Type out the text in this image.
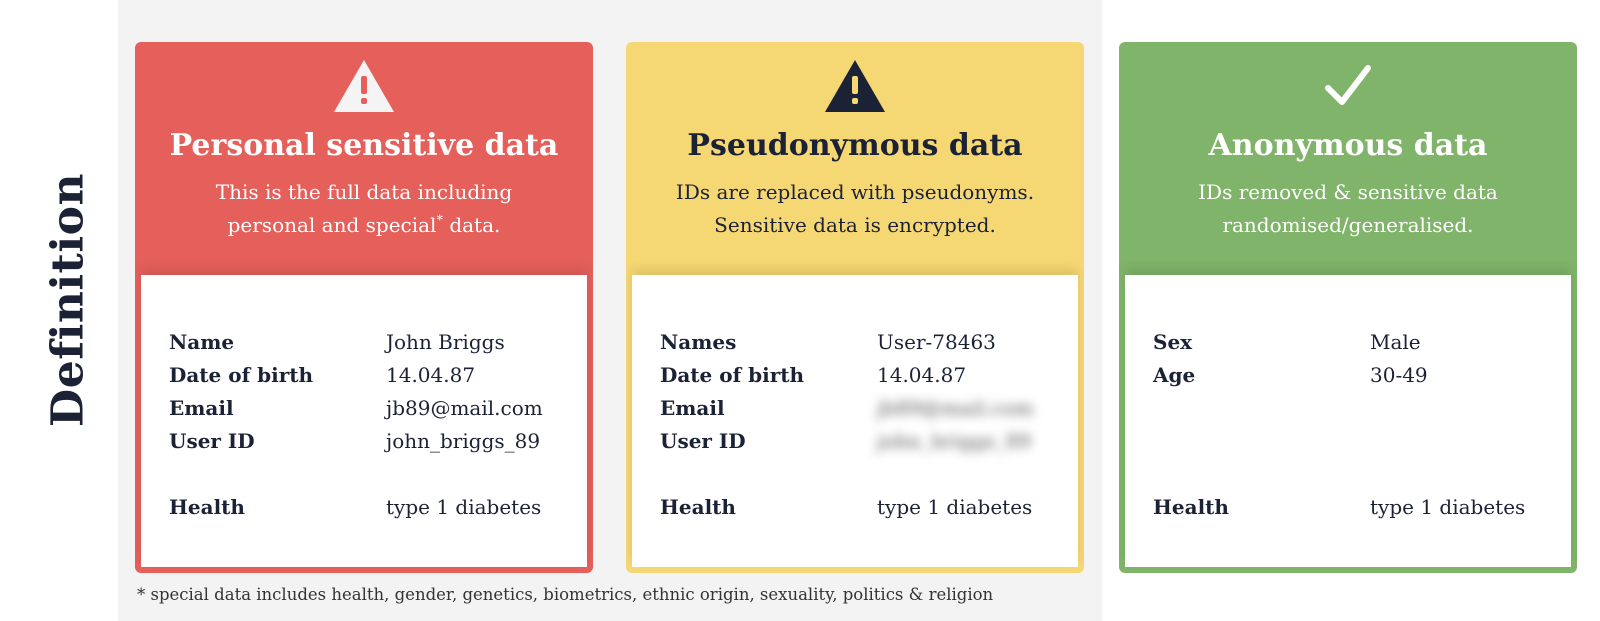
Definition
Personal sensitive data
This is the full data including
personal and special* data.
Name	John Briggs
Date of birth	14.04.87
Email	jb89@mail.com
User ID	john_briggs_89
Health	type 1 diabetes
Pseudonymous data
IDs are replaced with pseudonyms.
Sensitive data is encrypted.
Names	User-78463
Date of birth	14.04.87
Email	jb89@mail.com
User ID	john_briggs_89
Health	type 1 diabetes
Anonymous data
IDs removed & sensitive data
randomised/generalised.
Sex	Male
Age	30-49
Health	type 1 diabetes
* special data includes health, gender, genetics, biometrics, ethnic origin, sexuality, politics & religion
